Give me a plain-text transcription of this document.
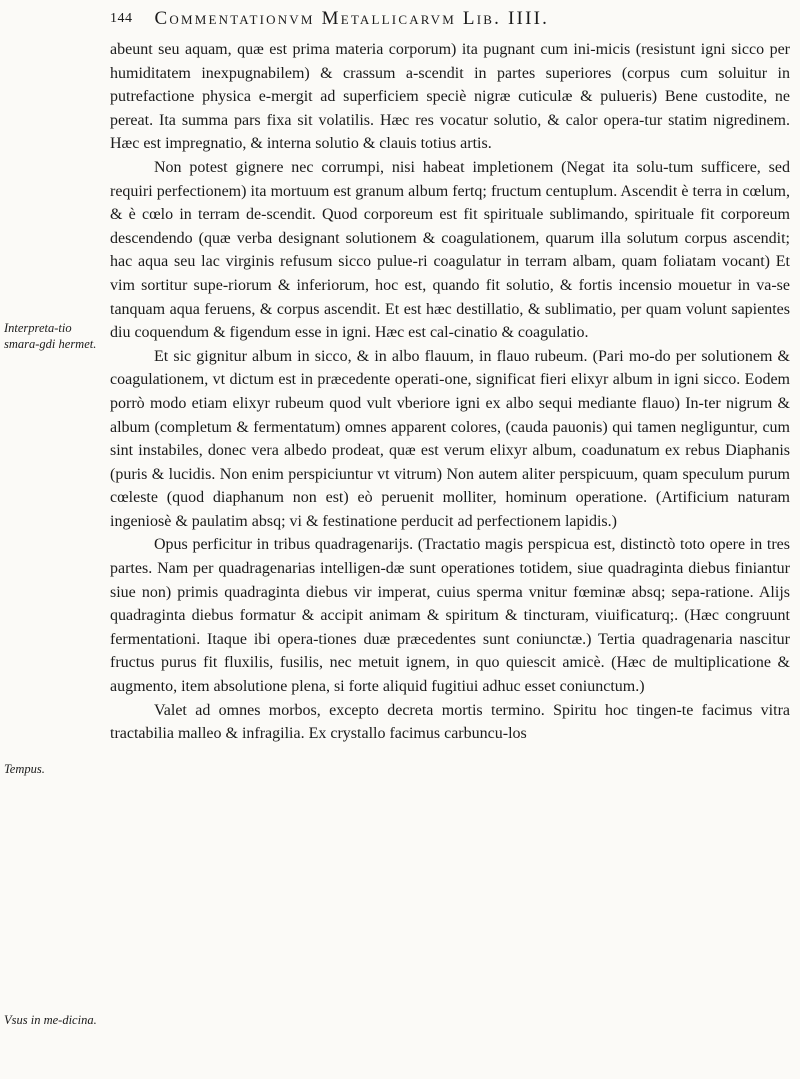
144 Commentationvm Metallicarvm Lib. IIII.
Interpreta-tio smara-gdi hermet.
Tempus.
Vsus in me-dicina.

abeunt seu aquam, quæ est prima materia corporum) ita pugnant cum ini-micis (resistunt igni sicco per humiditatem inexpugnabilem) & crassum a-scendit in partes superiores (corpus cum soluitur in putrefactione physica e-mergit ad superficiem speciè nigræ cuticulæ & pulueris) Bene custodite, ne pereat. Ita summa pars fixa sit volatilis. Hæc res vocatur solutio, & calor opera-tur statim nigredinem. Hæc est impregnatio, & interna solutio & clauis totius artis.

Non potest gignere nec corrumpi, nisi habeat impletionem (Negat ita solu-tum sufficere, sed requiri perfectionem) ita mortuum est granum album fertq; fructum centuplum. Ascendit è terra in cœlum, & è cœlo in terram de-scendit. Quod corporeum est fit spirituale sublimando, spirituale fit corporeum descendendo (quæ verba designant solutionem & coagulationem, quarum illa solutum corpus ascendit; hac aqua seu lac virginis refusum sicco pulue-ri coagulatur in terram albam, quam foliatam vocant) Et vim sortitur supe-riorum & inferiorum, hoc est, quando fit solutio, & fortis incensio mouetur in va-se tanquam aqua feruens, & corpus ascendit. Et est hæc destillatio, & sublimatio, per quam volunt sapientes diu coquendum & figendum esse in igni. Hæc est cal-cinatio & coagulatio.

Et sic gignitur album in sicco, & in albo flauum, in flauo rubeum. (Pari mo-do per solutionem & coagulationem, vt dictum est in præcedente operati-one, significat fieri elixyr album in igni sicco. Eodem porrò modo etiam elixyr rubeum quod vult vberiore igni ex albo sequi mediante flauo) In-ter nigrum & album (completum & fermentatum) omnes apparent colores, (cauda pauonis) qui tamen negliguntur, cum sint instabiles, donec vera albedo prodeat, quæ est verum elixyr album, coadunatum ex rebus Diaphanis (puris & lucidis. Non enim perspiciuntur vt vitrum) Non autem aliter perspicuum, quam speculum purum cœleste (quod diaphanum non est) eò peruenit molliter, hominum operatione. (Artificium naturam ingeniosè & paulatim absq; vi & festinatione perducit ad perfectionem lapidis.)

Opus perficitur in tribus quadragenarijs. (Tractatio magis perspicua est, distinctò toto opere in tres partes. Nam per quadragenarias intelligen-dæ sunt operationes totidem, siue quadraginta diebus finiantur siue non) primis quadraginta diebus vir imperat, cuius sperma vnitur fœminæ absq; sepa-ratione. Alijs quadraginta diebus formatur & accipit animam & spiritum & tincturam, viuificaturq;. (Hæc congruunt fermentationi. Itaque ibi opera-tiones duæ præcedentes sunt coniunctæ.) Tertia quadragenaria nascitur fructus purus fit fluxilis, fusilis, nec metuit ignem, in quo quiescit amicè. (Hæc de multiplicatione & augmento, item absolutione plena, si forte aliquid fugitiui adhuc esset coniunctum.)

Valet ad omnes morbos, excepto decreta mortis termino. Spiritu hoc tingen-te facimus vitra tractabilia malleo & infragilia. Ex crystallo facimus carbuncu-los
